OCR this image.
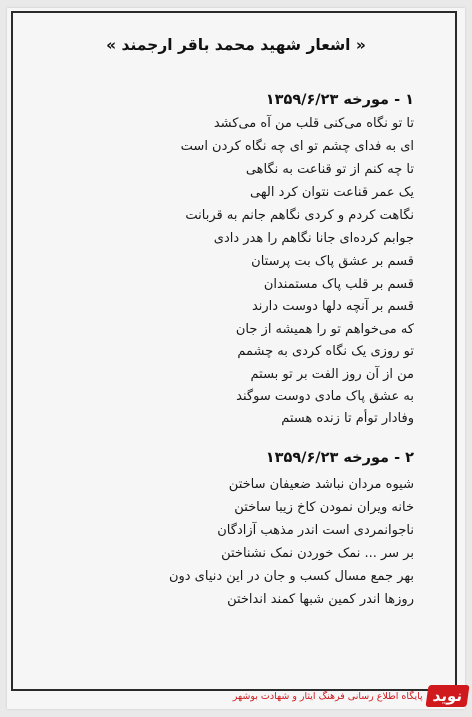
« اشعار شهید محمد باقر ارجمند »
۱ - مورخه ۱۳۵۹/۶/۲۳
تا تو نگاه می‌کنی قلب من آه می‌کشد
ای به فدای چشم تو ای چه نگاه کردن است
تا چه کنم از تو قناعت به نگاهی
یک عمر قناعت نتوان کرد الهی
نگاهت کردم و کردی نگاهم جانم به قربانت
جوابم کرده‌ای جانا نگاهم را هدر دادی
قسم بر عشق پاک بت پرستان
قسم بر قلب پاک مستمندان
قسم بر آنچه دلها دوست دارند
که می‌خواهم تو را همیشه از جان
تو روزی یک نگاه کردی به چشمم
من از آن روز الفت بر تو بستم
به عشق پاک مادی دوست سوگند
وفادار توأم تا زنده هستم
۲ - مورخه ۱۳۵۹/۶/۲۳
شیوه مردان نباشد ضعیفان ساختن
خانه ویران نمودن کاخ زیبا ساختن
ناجوانمردی است اندر مذهب آزادگان
بر سر ... نمک خوردن نمک نشناختن
بهر جمع مسال کسب و جان در این دنیای دون
روزها اندر کمین شبها کمند انداختن
نوید
پایگاه اطلاع رسانی فرهنگ ایثار و شهادت بوشهر
